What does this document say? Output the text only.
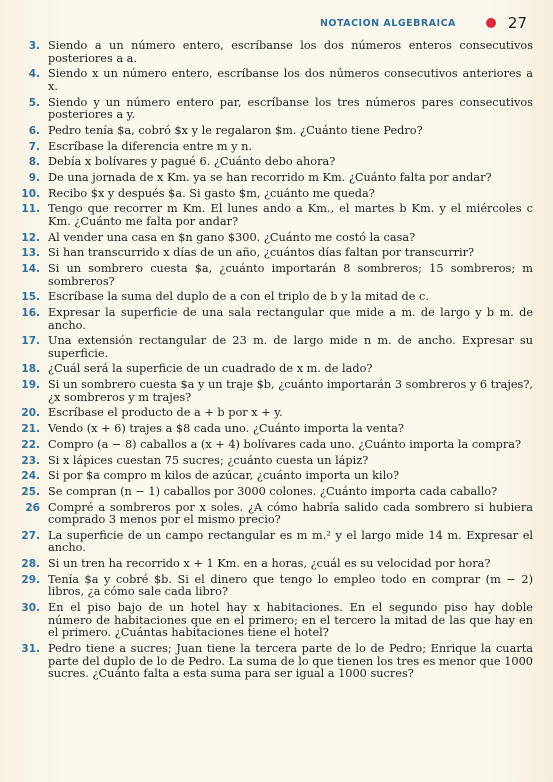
NOTACION ALGEBRAICA	27
3. Siendo a un número entero, escríbanse los dos números enteros consecutivos posteriores a a.
4. Siendo x un número entero, escríbanse los dos números consecutivos anteriores a x.
5. Siendo y un número entero par, escríbanse los tres números pares consecutivos posteriores a y.
6. Pedro tenía $a, cobró $x y le regalaron $m. ¿Cuánto tiene Pedro?
7. Escríbase la diferencia entre m y n.
8. Debía x bolívares y pagué 6. ¿Cuánto debo ahora?
9. De una jornada de x Km. ya se han recorrido m Km. ¿Cuánto falta por andar?
10. Recibo $x y después $a. Si gasto $m, ¿cuánto me queda?
11. Tengo que recorrer m Km. El lunes ando a Km., el martes b Km. y el miércoles c Km. ¿Cuánto me falta por andar?
12. Al vender una casa en $n gano $300. ¿Cuánto me costó la casa?
13. Si han transcurrido x días de un año, ¿cuántos días faltan por transcurrir?
14. Si un sombrero cuesta $a, ¿cuánto importarán 8 sombreros; 15 sombreros; m sombreros?
15. Escríbase la suma del duplo de a con el triplo de b y la mitad de c.
16. Expresar la superficie de una sala rectangular que mide a m. de largo y b m. de ancho.
17. Una extensión rectangular de 23 m. de largo mide n m. de ancho. Expresar su superficie.
18. ¿Cuál será la superficie de un cuadrado de x m. de lado?
19. Si un sombrero cuesta $a y un traje $b, ¿cuánto importarán 3 sombreros y 6 trajes?, ¿x sombreros y m trajes?
20. Escríbase el producto de a + b por x + y.
21. Vendo (x + 6) trajes a $8 cada uno. ¿Cuánto importa la venta?
22. Compro (a − 8) caballos a (x + 4) bolívares cada uno. ¿Cuánto importa la compra?
23. Si x lápices cuestan 75 sucres; ¿cuánto cuesta un lápiz?
24. Si por $a compro m kilos de azúcar, ¿cuánto importa un kilo?
25. Se compran (n − 1) caballos por 3000 colones. ¿Cuánto importa cada caballo?
26 Compré a sombreros por x soles. ¿A cómo habría salido cada sombrero si hubiera comprado 3 menos por el mismo precio?
27. La superficie de un campo rectangular es m m.² y el largo mide 14 m. Expresar el ancho.
28. Si un tren ha recorrido x + 1 Km. en a horas, ¿cuál es su velocidad por hora?
29. Tenía $a y cobré $b. Si el dinero que tengo lo empleo todo en comprar (m − 2) libros, ¿a cómo sale cada libro?
30. En el piso bajo de un hotel hay x habitaciones. En el segundo piso hay doble número de habitaciones que en el primero; en el tercero la mitad de las que hay en el primero. ¿Cuántas habitaciones tiene el hotel?
31. Pedro tiene a sucres; Juan tiene la tercera parte de lo de Pedro; Enrique la cuarta parte del duplo de lo de Pedro. La suma de lo que tienen los tres es menor que 1000 sucres. ¿Cuánto falta a esta suma para ser igual a 1000 sucres?
